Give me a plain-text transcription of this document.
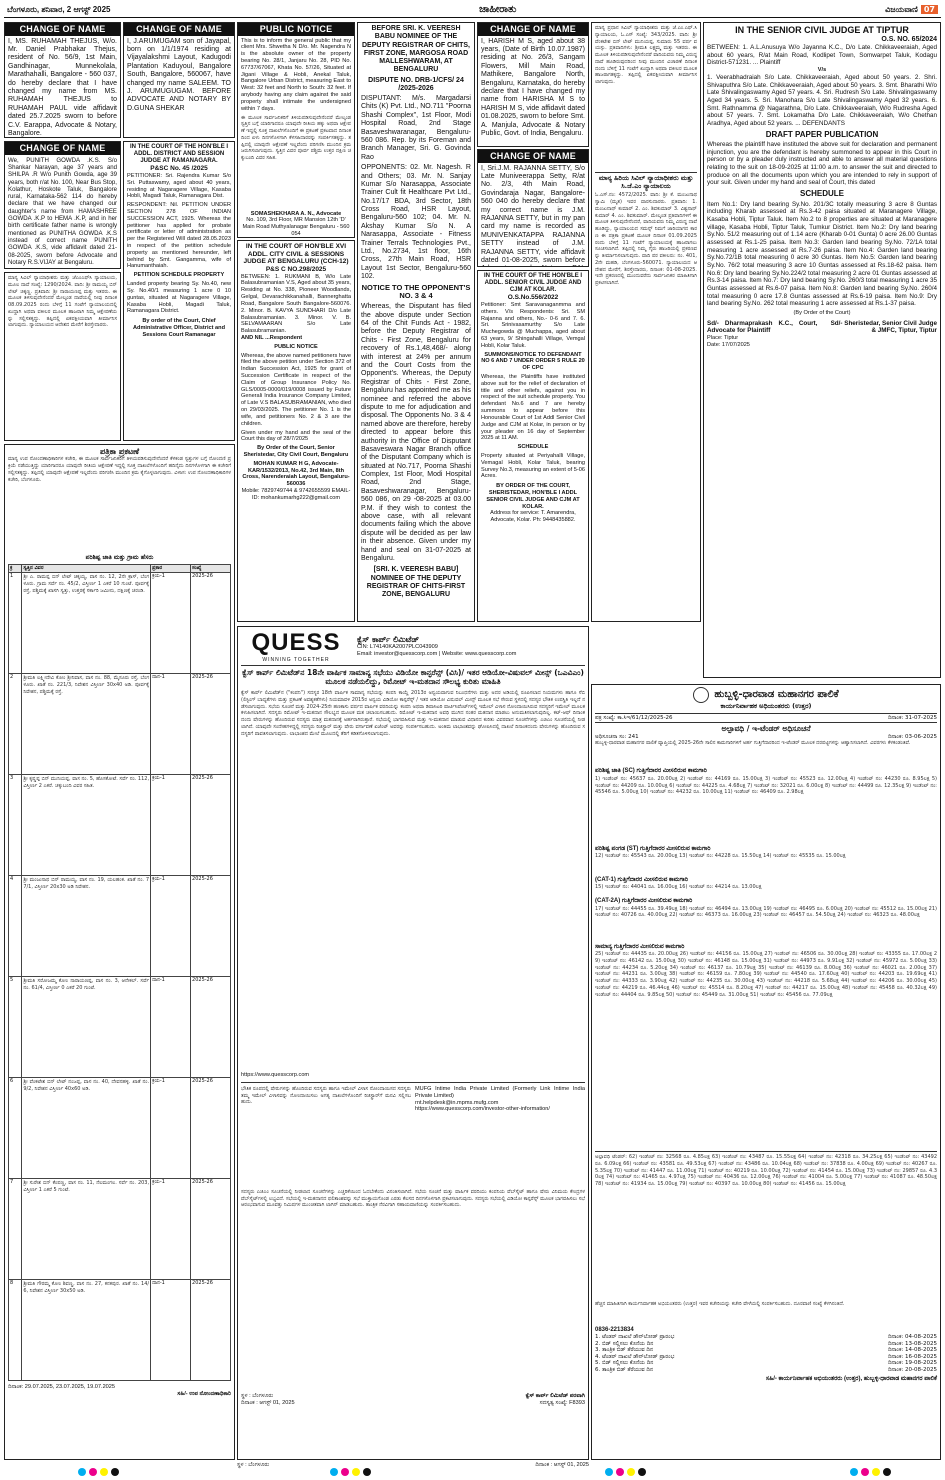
ಬೆಂಗಳೂರು, ಶನಿವಾರ, 2 ಆಗಸ್ಟ್ 2025	ಜಾಹೀರಾತು	ವಿಜಯವಾಣಿ 07
CHANGE OF NAME
I, MS. RUHAMAH THEJUS, W/o. Mr. Daniel Prabhakar Thejus, resident of No. 56/9, 1st Main, Gandhinagar, Munnekolala, Marathahalli, Bangalore - 560 037, do hereby declare that I have changed my name from MS. RUHAMAH THEJUS to RUHAMAH PAUL vide affidavit dated 25.7.2025 sworn to before C.V. Earappa, Advocate & Notary, Bangalore.
CHANGE OF NAME
I, J.ARUMUGAM son of Jayapal, born on 1/1/1974 residing at Vijayalakshmi Layout, Kadugodi Plantation Kaduyoul, Bangalore South, Bangalore, 560067, have changed my name SALEEM. TO J. ARUMUGUGAM. BEFORE ADVOCATE AND NOTARY BY D.GUNA SHEKAR
PUBLIC NOTICE
This is to inform the general public that my client Mrs. Shwetha N D/o. Mr. Nagendra N is the absolute owner of the property bearing No. 28/1, Janjaru No. 28, PID No. 67737/67067, Khata No. 57/26, Situated at Jigani Village & Hobli, Anekal Taluk, Bangalore Urban District, measuring East to West: 32 feet and North to South: 32 feet. If anybody having any claim against the said property shall intimate the undersigned within 7 days.
ಈ ಮೂಲಕ ಸಾರ್ವಜನಿಕರಿಗೆ ತಿಳಿಯಪಡಿಸುವುದೇನೆಂದರೆ ಮೇಲ್ಕಂಡ ಸ್ವತ್ತಿನ ಬಗ್ಗೆ ಯಾರಿಗಾದರೂ ಯಾವುದೇ ರೀತಿಯ ಹಕ್ಕು ಅಥವಾ ಆಕ್ಷೇಪಣೆ ಇದ್ದಲ್ಲಿ ಸೂಕ್ತ ದಾಖಲೆಗಳೊಂದಿಗೆ ಈ ಪ್ರಕಟಣೆ ಪ್ರಕಟವಾದ ದಿನಾಂಕದಿಂದ ಏಳು ದಿನಗಳೊಳಗಾಗಿ ಕೆಳಸಹಿದಾರರನ್ನು ಸಂಪರ್ಕಿಸತಕ್ಕದ್ದು. ತಪ್ಪಿದಲ್ಲಿ ಯಾವುದೇ ಆಕ್ಷೇಪಣೆ ಇಲ್ಲವೆಂದು ಪರಿಗಣಿಸಿ ಮುಂದಿನ ಕ್ರಮ ಜರುಗಿಸಲಾಗುವುದು. ಸ್ವತ್ತಿನ ವಿವರ ಪೂರ್ವ ಪಶ್ಚಿಮ ಉತ್ತರ ದಕ್ಷಿಣ ಚಕ್ಕುಬಂದಿ ವಿವರ ಸಹಿತ.
SOMASHEKHARA A. N., Advocate
No. 109, 3rd Floor, MR Mansion 12th 'D' Main Road Muthyalanagar Bengaluru - 560 054
BEFORE SRI. K. VEERESH BABU NOMINEE OF THE DEPUTY REGISTRAR OF CHITS, FIRST ZONE, MARGOSA ROAD MALLESHWARAM, AT BENGALURU
DISPUTE NO. DRB-1/CFS/ 24 /2025-2026
DISPUTANT: M/s. Margadarsi Chits (K) Pvt. Ltd., NO.711 "Poorna Shashi Complex", 1st Floor, Modi Hospital Road, 2nd Stage Basaveshwaranagar, Bengaluru-560 086. Rep. by its Foreman and Branch Manager, Sri. G. Govinda Rao
OPPONENTS: 02. Mr. Nagesh. R and Others; 03. Mr. N. Sanjay Kumar S/o Narasappa, Associate Trainer Cult fit Healthcare Pvt Ltd., No.17/17 BDA, 3rd Sector, 18th Cross Road, HSR Layout, Bengaluru-560 102; 04. Mr. N. Akshay Kumar S/o N. A Narasappa, Associate - Fitness Trainer Terrals Technologies Pvt., Ltd., No.2734, 1st floor, 16th Cross, 27th Main Road, HSR Layout 1st Sector, Bengaluru-560 102.
NOTICE TO THE OPPONENT'S NO. 3 & 4
Whereas, the Disputant has filed the above dispute under Section 64 of the Chit Funds Act - 1982, before the Deputy Registrar of Chits - First Zone, Bengaluru for recovery of Rs.1,48,468/- along with interest at 24% per annum and the Court Costs from the Opponent's. Whereas, the Deputy Registrar of Chits - First Zone, Bengaluru has appointed me as his nominee and referred the above dispute to me for adjudication and disposal. The Opponents No. 3 & 4 named above are therefore, hereby directed to appear before this authority in the Office of Disputant Basaveswara Nagar Branch office of the Disputant Company which is situated at No.717, Poorna Shashi Complex, 1st Floor, Modi Hospital Road, 2nd Stage, Basaveshwaranagar, Bengaluru-560 086, on 29 -08-2025 at 03.00 P.M. if they wish to contest the above case, with all relevant documents failing which the above dispute will be decided as per law in their absence. Given under my hand and seal on 31-07-2025 at Bengaluru.
[SRI. K. VEERESH BABU] NOMINEE OF THE DEPUTY REGISTRAR OF CHITS-FIRST ZONE, BENGALURU
CHANGE OF NAME
I, HARISH M S, aged about 38 years, (Date of Birth 10.07.1987) residing at No. 26/3, Sangam Flowers, Mill Main Road, Mathikere, Bangalore North, Bengaluru, Karnataka, do hereby declare that I have changed my name from HARISHA M S to HARISH M S, vide affidavit dated 01.08.2025, sworn to before Smt. A. Manjula, Advocate & Notary Public, Govt. of India, Bengaluru.
CHANGE OF NAME
I, Sri.J.M. RAJANNA SETTY, S/o Late Muniveerappa Setty, R/at No. 2/3, 4th Main Road, Govindaraja Nagar, Bangalore-560 040 do hereby declare that my correct name is J.M. RAJANNA SETTY, but in my pan card my name is recorded as MUNIVENKATAPPA RAJANNA SETTY instead of J.M. RAJANNA SETTY, vide affidavit dated 01-08-2025, sworn before
IN THE COURT OF THE HON'BLE I ADDL. SENIOR CIVIL JUDGE AND CJM AT KOLAR.
O.S.No.556/2022
Petitioner: Smt Saravanaganmma and others. V/s Respondents: Sri. SM Rajanna and others, No.- 0-6 and 7. 6. Sri. Srinivasamurthy S/o Late Muchegowda @ Muchappa, aged about 63 years, 9/ Shingahalli Village, Vemgal Hobli, Kolar Taluk.
SUMMONS/NOTICE TO DEFENDANT NO 6 AND 7 UNDER ORDER 5 RULE 20 OF CPC
Whereas, the Plaintiffs have instituted above suit for the relief of declaration of title and other reliefs, against you in respect of the suit schedule property. You defendant No.6 and 7 are hereby summons to appear before this Honourable Court of 1st Addl Senior Civil Judge and CJM at Kolar, in person or by your pleader on 16 day of September 2025 at 11 AM.
SCHEDULE
Property situated at Periyahalli Village, Vemagal Hobli, Kolar Taluk, bearing Survey No.3, measuring an extent of 5-06 Acres.
BY ORDER OF THE COURT, SHERISTEDAR, HON'BLE I ADDL SENIOR CIVIL JUDGE AND CJM AT KOLAR.
Address for service: T. Amarendra, Advocate, Kolar. Ph: 9448435882.
ಮಾನ್ಯ ಪ್ರಧಾನ ಸಿವಿಲ್ ನ್ಯಾಯಾಧೀಶರು ಮತ್ತು ಜೆ.ಎಂ.ಎಫ್.ಸಿ ನ್ಯಾಯಾಲಯ, ಓ.ಎಸ್ ಸಂಖ್ಯೆ: 343/2025. ವಾದಿ: ಶ್ರೀ ವೆಂಕಟೇಶ ಬಿನ್ ಲೇಟ್ ಮುನಿಯಪ್ಪ, ಸುಮಾರು 55 ವರ್ಷ ವಯಸ್ಸು. ಪ್ರತಿವಾದಿಗಳು: ಶ್ರೀಮತಿ ಲಕ್ಷ್ಮಮ್ಮ ಮತ್ತು ಇತರರು. ಈ ಮೂಲಕ ತಿಳಿಯಪಡಿಸುವುದೇನೆಂದರೆ ವಾದಿಯವರು ನಿಮ್ಮ ವಿರುದ್ಧ ದಾವೆ ಹೂಡಿರುವುದರಿಂದ ನೀವು ಮುಂದಿನ ವಿಚಾರಣೆ ದಿನಾಂಕದಂದು ಬೆಳಿಗ್ಗೆ 11 ಗಂಟೆಗೆ ಖುದ್ದಾಗಿ ಅಥವಾ ವಕೀಲರ ಮೂಲಕ ಹಾಜರಾಗತಕ್ಕದ್ದು. ತಪ್ಪಿದಲ್ಲಿ ಏಕಪಕ್ಷೀಯವಾಗಿ ತೀರ್ಮಾನಿಸಲಾಗುವುದು.
ಮಾನ್ಯ ಹಿರಿಯ ಸಿವಿಲ್ ನ್ಯಾಯಾಧೀಶರು ಮತ್ತು ಸಿ.ಜೆ.ಎಂ ನ್ಯಾಯಾಲಯ
ಓ.ಎಸ್.ನಂ: 4572/2025. ವಾದಿ: ಶ್ರೀ ಕೆ. ಮಂಜುನಾಥ ಸ್ವಾಮಿ (ಮೃತ) ಇವರ ವಾರಸುದಾರರು. ಪ್ರತಿವಾದಿ: 1. ಮಂಜುನಾಥ್ ಕುಮಾರ್ 2. ಎಂ. ಶಿವಕುಮಾರ್ 3. ವಿಶ್ವನಾಥ್ ಕುಮಾರ್ 4. ಎಂ. ಶಿವಕುಮಾರ್. ಮೇಲ್ಕಂಡ ಪ್ರತಿವಾದಿಗಳಿಗೆ ಈ ಮೂಲಕ ತಿಳಿಸುವುದೇನೆಂದರೆ, ವಾದಿಯವರು ನಿಮ್ಮ ವಿರುದ್ಧ ದಾವೆ ಹೂಡಿದ್ದು, ನ್ಯಾಯಾಲಯದ ಸಮನ್ಸ್ ನಿಮಗೆ ಜಾರಿಯಾಗದ ಕಾರಣ ಈ ಪತ್ರಿಕಾ ಪ್ರಕಟಣೆ ಮೂಲಕ ದಿನಾಂಕ 01.09.2025 ರಂದು ಬೆಳಿಗ್ಗೆ 11 ಗಂಟೆಗೆ ನ್ಯಾಯಾಲಯಕ್ಕೆ ಹಾಜರಾಗಲು ಸೂಚಿಸಲಾಗಿದೆ. ತಪ್ಪಿದಲ್ಲಿ ನಿಮ್ಮ ಗೈರು ಹಾಜರಿಯಲ್ಲಿ ಪ್ರಕರಣವನ್ನು ತೀರ್ಮಾನಿಸಲಾಗುವುದು. ವಾದಿ ಪರ ವಕೀಲರು: ನಂ. 401, 2ನೇ ಮಹಡಿ, ಬೆಂಗಳೂರು-560071. ನ್ಯಾಯಾಲಯದ ಆದೇಶದ ಮೇರೆಗೆ, ಶಿರಸ್ತೇದಾರರು, ದಿನಾಂಕ: 01-08-2025. ಇದೇ ಪ್ರಕರಣದಲ್ಲಿ ಮುಂದುವರೆದು ಸಾರ್ವಜನಿಕರ ಮಾಹಿತಿಗಾಗಿ ಪ್ರಕಟಿಸಲಾಗಿದೆ.
IN THE SENIOR CIVIL JUDGE AT TIPTUR
O.S. NO. 65/2024
BETWEEN: 1. A.L.Anusuya W/o Jayanna K.C., D/o Late. Chikkaveeraiah, Aged about 60 years, R/at Main Road, Kodlipet Town, Somwarpet Taluk, Kodagu District-571231. ... Plaintiff
V/s
1. Veerabhadraiah S/o Late. Chikkaveeraiah, Aged about 50 years. 2. Shri. Shivaputhra S/o Late. Chikkaveeraiah, Aged about 50 years. 3. Smt. Bharathi W/o Late Shivalingaswamy Aged 57 years. 4. Sri. Rudresh S/o Late. Shivalingaswamy Aged 34 years. 5. Sri. Manohara S/o Late Shivalingaswamy Aged 32 years. 6. Smt. Rathnamma @ Nagarathna, D/o Late. Chikkaveeraiah, W/o Rudresha Aged about 57 years. 7. Smt. Lokamatha D/o Late. Chikkaveeraiah, W/o Chethan Aradhya, Aged about 52 years. ... DEFENDANTS
DRAFT PAPER PUBLICATION
Whereas the plaintiff have instituted the above suit for declaration and permanent injunction, you are the defendant is hereby summoned to appear in this Court in person or by a pleader duly instructed and able to answer all material questions relating to the suit on 18-09-2025 at 11:00 a.m. to answer the suit and directed to produce on all the documents upon which you are intended to rely in support of your suit. Given under my hand and seal of Court, this dated
SCHEDULE
Item No.1: Dry land bearing Sy.No. 201/3C totally measuring 3 acre 8 Guntas including Kharab assessed at Rs.3-42 paisa situated at Maranagere Village, Kasaba Hobli, Tiptur Taluk. Item No.2 to 8 properties are situated at Maranagere village, Kasaba Hobli, Tiptur Taluk, Tumkur District. Item No.2: Dry land bearing Sy.No. 51/2 measuring out of 1.14 acre (Kharab 0-01 Gunta) 0 acre 26.00 Guntas assessed at Rs.1-25 paisa. Item No.3: Garden land bearing Sy.No. 72/1A total measuring 1 acre assessed at Rs.7-26 paisa. Item No.4: Garden land bearing Sy.No.72/1B total measuring 0 acre 30 Guntas. Item No.5: Garden land bearing Sy.No. 76/2 total measuring 3 acre 10 Guntas assessed at Rs.18-62 paisa. Item No.6: Dry land bearing Sy.No.224/2 total measuring 2 acre 01 Guntas assessed at Rs.3-14 paisa. Item No.7: Dry land bearing Sy.No. 260/3 total measuring 1 acre 35 Guntas assessed at Rs.6-07 paisa. Item No.8: Garden land bearing Sy.No. 260/4 total measuring 0 acre 17.8 Guntas assessed at Rs.6-19 paisa. Item No.9: Dry land bearing Sy.No. 262 total measuring 1 acre assessed at Rs.1-37 paisa.
(By Order of the Court)
Sd/- Dharmaprakash K.C., Court, Advocate for Plaintiff
Sd/- Sheristedar, Senior Civil Judge & JMFC, Tiptur, Tiptur
Place: Tiptur
Date: 17/07/2025
CHANGE OF NAME
We, PUNITH GOWDA .K.S. S/o Shankar Narayan, age 37 years and SHILPA .R W/o Punith Gowda, age 39 years, both r/at No. 100, Near Bus Stop, Kolathur, Hoskote Taluk, Bangalore rural, Karnataka-562 114 do hereby declare that we have changed our daughter's name from HAMASHREE GOWDA .K.P to HEMA .K.P, and in her birth certificate father name is wrongly mentioned as PUNITHA GOWDA .K.S instead of correct name PUNITH GOWDA .K.S, vide affidavit dated 21-08-2025, sworn before Advocate and Notary R.S.VIJAY at Bengaluru.
IN THE COURT OF THE HON'BLE I ADDL. DISTRICT AND SESSION JUDGE AT RAMANAGARA.
P&SC No. 45 /2025
PETITIONER: Sri. Rajendra Kumar S/o Sri. Puttaswamy, aged about 40 years, residing at Nagaragere Village, Kasaba Hobli, Magadi Taluk, Ramanagara Dist.
RESPONDENT: Nil. PETITION UNDER SECTION 278 OF INDIAN SUCCESSION ACT, 1925. Whereas the petitioner has applied for probate certificate or letter of administration as per the Registered Will dated 28.05.2023 in respect of the petition schedule property as mentioned hereunder, left behind by Smt. Gangamma, wife of Hanumanthaiah.
PETITION SCHEDULE PROPERTY
Landed property bearing Sy. No.40, new Sy. No.40/1 measuring 1 acre 0 10 guntas, situated at Nagaragere Village, Kasaba Hobli, Magadi Taluk, Ramanagara District.
By order of the Court, Chief Administrative Officer, District and Sessions Court Ramanagar
ಮಾನ್ಯ ಸಿವಿಲ್ ನ್ಯಾಯಾಧೀಶರು ಮತ್ತು ಜೆಎಂಎಫ್‌ಸಿ ನ್ಯಾಯಾಲಯ, ಮೂಲ ದಾವೆ ಸಂಖ್ಯೆ: 1290/2024. ವಾದಿ: ಶ್ರೀ ರಾಮಯ್ಯ ಬಿನ್ ಲೇಟ್ ಚಿಕ್ಕಣ್ಣ. ಪ್ರತಿವಾದಿ: ಶ್ರೀ ನಾರಾಯಣಪ್ಪ ಮತ್ತು ಇತರರು. ಈ ಮೂಲಕ ತಿಳಿಸುವುದೇನೆಂದರೆ ಮೇಲ್ಕಂಡ ದಾವೆಯಲ್ಲಿ ನೀವು ದಿನಾಂಕ 08.09.2025 ರಂದು ಬೆಳಿಗ್ಗೆ 11 ಗಂಟೆಗೆ ನ್ಯಾಯಾಲಯದಲ್ಲಿ ಖುದ್ದಾಗಿ ಅಥವಾ ವಕೀಲರ ಮೂಲಕ ಹಾಜರಾಗಿ ನಿಮ್ಮ ಆಕ್ಷೇಪಣೆಯನ್ನು ಸಲ್ಲಿಸತಕ್ಕದ್ದು. ತಪ್ಪಿದಲ್ಲಿ ಏಕಪಕ್ಷೀಯವಾಗಿ ತೀರ್ಮಾನಿಸಲಾಗುವುದು. ನ್ಯಾಯಾಲಯದ ಆದೇಶದ ಮೇರೆಗೆ ಶಿರಸ್ತೇದಾರರು.
IN THE COURT OF HON'BLE XVI ADDL. CITY CIVIL & SESSIONS JUDGE AT BENGALURU (CCH-12)
P&S C NO.298/2025
BETWEEN: 1. RUKMANI B, W/o Late Balasubramanian V.S, Aged about 35 years, Residing at No. 338, Pioneer Woodlands, Gelgal, Devarachikkanahalli, Bannerghatta Road, Bangalore South Bangalore-560076. 2. Minor. B. KAVYA SUNDHARI D/o Late Balasubramanian. 3. Minor. V. B. SELVAMAARAN S/o Late Balasubramanian.
AND NIL ...Respondent
PUBLIC NOTICE
Whereas, the above named petitioners have filed the above petition under Section 372 of Indian Succession Act, 1925 for grant of Succession Certificate in respect of the Claim of Group Insurance Policy No. GLS/0005-0000/019/0008 issued by Future Generali India Insurance Company Limited, of Late V.S BALASUBRAMANIAN, who died on 29/03/2025. The petitioner No. 1 is the wife, and petitioners No. 2 & 3 are the children.
Given under my hand and the seal of the Court this day of 28/7/2025
By Order of the Court, Senior Sheristedar, City Civil Court, Bengaluru
MOHAN KUMAR H G, Advocate-KAR/1532/2013, No.42, 3rd Main, 8th Cross, Narenderaiah Layout, Bengaluru-560036
Mobile: 7829749744 & 9742655599 EMAIL-ID: mohankumarhg222@gmail.com
ಪತ್ರಿಕಾ ಪ್ರಕಟಣೆ
ಮಾನ್ಯ ಉಪ ನೋಂದಣಾಧಿಕಾರಿಗಳ ಕಚೇರಿ, ಈ ಮೂಲಕ ಸಾರ್ವಜನಿಕರಿಗೆ ತಿಳಿಯಪಡಿಸುವುದೇನೆಂದರೆ ಕೆಳಕಂಡ ಸ್ವತ್ತುಗಳ ಬಗ್ಗೆ ನೋಂದಣಿ ಪ್ರಕ್ರಿಯೆ ನಡೆಯುತ್ತಿದ್ದು ಯಾರಿಗಾದರೂ ಯಾವುದೇ ರೀತಿಯ ಆಕ್ಷೇಪಣೆ ಇದ್ದಲ್ಲಿ ಸೂಕ್ತ ದಾಖಲೆಗಳೊಂದಿಗೆ ಹದಿನೈದು ದಿನಗಳೊಳಗಾಗಿ ಈ ಕಚೇರಿಗೆ ಸಲ್ಲಿಸತಕ್ಕದ್ದು. ತಪ್ಪಿದಲ್ಲಿ ಯಾವುದೇ ಆಕ್ಷೇಪಣೆ ಇಲ್ಲವೆಂದು ಪರಿಗಣಿಸಿ ಮುಂದಿನ ಕ್ರಮ ಕೈಗೊಳ್ಳಲಾಗುವುದು. ವಿಳಾಸ: ಉಪ ನೋಂದಣಾಧಿಕಾರಿಗಳ ಕಚೇರಿ, ಬೆಂಗಳೂರು.
ಪರಿಶಿಷ್ಟ ಜಾತಿ ಮತ್ತು ಗ್ರಾಮ ಹೆಸರು
ಕ್ರ	ಸ್ವತ್ತಿನ ವಿವರ	ಪ್ರಕಾರ	ಸಂಖ್ಯೆ
1	ಶ್ರೀ ಎ. ರಾಮಪ್ಪ ಬಿನ್ ಲೇಟ್ ಚಿಕ್ಕಯ್ಯ, ವಾಸ ನಂ. 12, 2ನೇ ಕ್ರಾಸ್, ಬೆಂಗಳೂರು. ಗ್ರಾಮ ಸರ್ವೆ ನಂ. 45/2, ವಿಸ್ತೀರ್ಣ 1 ಎಕರೆ 10 ಗುಂಟೆ. ಪೂರ್ವಕ್ಕೆ ರಸ್ತೆ, ಪಶ್ಚಿಮಕ್ಕೆ ಖಾಸಗಿ ಸ್ವತ್ತು, ಉತ್ತರಕ್ಕೆ ಸರ್ಕಾರಿ ಜಮೀನು, ದಕ್ಷಿಣಕ್ಕೆ ಚರಂಡಿ.	ಕ್ರಯ-1	2025-26
2	ಶ್ರೀಮತಿ ಲಕ್ಷ್ಮೀದೇವಿ ಕೋಂ ಶ್ರೀನಿವಾಸ, ವಾಸ ನಂ. 88, ಮೈಸೂರು ರಸ್ತೆ, ಬೆಂಗಳೂರು. ಖಾತೆ ನಂ. 221/3, ನಿವೇಶನ ವಿಸ್ತೀರ್ಣ 30x40 ಅಡಿ. ಪೂರ್ವಕ್ಕೆ ನಿವೇಶನ, ಪಶ್ಚಿಮಕ್ಕೆ ರಸ್ತೆ.	ದಾನ-1	2025-26
3	ಶ್ರೀ ಕೃಷ್ಣಪ್ಪ ಬಿನ್ ಮುನಿಯಪ್ಪ, ವಾಸ ನಂ. 5, ಹೊಸಕೋಟೆ. ಸರ್ವೆ ನಂ. 112, ವಿಸ್ತೀರ್ಣ 2 ಎಕರೆ. ಚಕ್ಕುಬಂದಿ ವಿವರ ಸಹಿತ.	ಕ್ರಯ-1	2025-26
4	ಶ್ರೀ ಮಂಜುನಾಥ ಬಿನ್ ರಾಮಯ್ಯ, ವಾಸ ನಂ. 19, ಯಲಹಂಕ. ಖಾತೆ ನಂ. 77/1, ವಿಸ್ತೀರ್ಣ 20x30 ಅಡಿ ನಿವೇಶನ.	ಕ್ರಯ-1	2025-26
5	ಶ್ರೀಮತಿ ಸರೋಜಮ್ಮ ಕೋಂ ನಾರಾಯಣಪ್ಪ, ವಾಸ ನಂ. 3, ಆನೇಕಲ್. ಸರ್ವೆ ನಂ. 61/4, ವಿಸ್ತೀರ್ಣ 0 ಎಕರೆ 20 ಗುಂಟೆ.	ದಾನ-1	2025-26
6	ಶ್ರೀ ವೆಂಕಟೇಶ ಬಿನ್ ಲೇಟ್ ನಂಜಪ್ಪ, ವಾಸ ನಂ. 40, ದೇವನಹಳ್ಳಿ. ಖಾತೆ ನಂ. 9/2, ನಿವೇಶನ ವಿಸ್ತೀರ್ಣ 40x60 ಅಡಿ.	ಕ್ರಯ-1	2025-26
7	ಶ್ರೀ ಸುರೇಶ ಬಿನ್ ಕೆಂಪಣ್ಣ, ವಾಸ ನಂ. 11, ನೆಲಮಂಗಲ. ಸರ್ವೆ ನಂ. 203, ವಿಸ್ತೀರ್ಣ 1 ಎಕರೆ 5 ಗುಂಟೆ.	ಕ್ರಯ-1	2025-26
8	ಶ್ರೀಮತಿ ಗೌರಮ್ಮ ಕೋಂ ಶಿವಣ್ಣ, ವಾಸ ನಂ. 27, ಕನಕಪುರ. ಖಾತೆ ನಂ. 14/6, ನಿವೇಶನ ವಿಸ್ತೀರ್ಣ 30x50 ಅಡಿ.	ದಾನ-1	2025-26
ದಿನಾಂಕ: 29.07.2025, 23.07.2025, 19.07.2025
ಸಹಿ/- ಉಪ ನೋಂದಣಾಧಿಕಾರಿ
QUESS
WINNING TOGETHER
ಕ್ವೆಸ್ ಕಾರ್ಪ್ ಲಿಮಿಟೆಡ್
CIN: L74140KA2007PLC043909
Email: investor@quesscorp.com | Website: www.quesscorp.com
ಕ್ವೆಸ್ ಕಾರ್ಪ್ ಲಿಮಿಟೆಡ್‌ನ 18ನೇ ವಾರ್ಷಿಕ ಸಾಮಾನ್ಯ ಸಭೆಯು ವಿಡಿಯೋ ಕಾನ್ಫರೆನ್ಸ್ (ವಿಸಿ)/ ಇತರ ಆಡಿಯೋ-ವಿಷುವಲ್ ಮೀನ್ಸ್ (ಒಎವಿಎಂ) ಮೂಲಕ ನಡೆಯಲಿದ್ದು, ರಿಮೋಟ್ ಇ-ಮತದಾನ ಸೌಲಭ್ಯ ಕುರಿತು ಮಾಹಿತಿ
ಕ್ವೆಸ್ ಕಾರ್ಪ್ ಲಿಮಿಟೆಡ್‌ನ ("ಕಂಪನಿ") ಸದಸ್ಯರ 18ನೇ ವಾರ್ಷಿಕ ಸಾಮಾನ್ಯ ಸಭೆಯನ್ನು ಕಂಪನಿ ಕಾಯ್ದೆ 2013ರ ಅನ್ವಯವಾಗುವ ನಿಬಂಧನೆಗಳು ಮತ್ತು ಅದರ ಅಡಿಯಲ್ಲಿ ರೂಪಿಸಲಾದ ನಿಯಮಗಳು ಹಾಗೂ ಸೆಬಿ (ಲಿಸ್ಟಿಂಗ್ ಬಾಧ್ಯತೆಗಳು ಮತ್ತು ಪ್ರಕಟಣೆ ಅವಶ್ಯಕತೆಗಳು) ನಿಯಮಾವಳಿ 2015ರ ಅನ್ವಯ ವಿಡಿಯೋ ಕಾನ್ಫರೆನ್ಸ್ / ಇತರ ಆಡಿಯೋ ವಿಷುವಲ್ ಮೀನ್ಸ್ ಮೂಲಕ ಸಭೆ ಸೇರುವ ಸ್ಥಳದಲ್ಲಿ ಸದಸ್ಯರ ಭೌತಿಕ ಉಪಸ್ಥಿತಿ ಇಲ್ಲದೆ ನಡೆಸಲಾಗುವುದು. ಸಭೆಯ ಸೂಚನೆ ಮತ್ತು 2024-25ನೇ ಹಣಕಾಸು ವರ್ಷದ ವಾರ್ಷಿಕ ವರದಿಯನ್ನು ಕಂಪನಿ ಅಥವಾ ಡಿಪಾಸಿಟರಿ ಪಾರ್ಟಿಸಿಪೆಂಟ್‌ಗಳಲ್ಲಿ ಇಮೇಲ್ ವಿಳಾಸ ನೋಂದಾಯಿಸಿರುವ ಸದಸ್ಯರಿಗೆ ಇಮೇಲ್ ಮೂಲಕ ಕಳುಹಿಸಲಾಗಿದೆ. ಸದಸ್ಯರು ರಿಮೋಟ್ ಇ-ಮತದಾನ ಸೌಲಭ್ಯದ ಮೂಲಕ ಮತ ಚಲಾಯಿಸಬಹುದು. ರಿಮೋಟ್ ಇ-ಮತದಾನ ಅವಧಿ ಮುಗಿದ ನಂತರ ಮತದಾನ ಮಾಡಲು ಅನುಮತಿಸಲಾಗುವುದಿಲ್ಲ. ಕಟ್-ಆಫ್ ದಿನಾಂಕದಂದು ಷೇರುಗಳನ್ನು ಹೊಂದಿರುವ ಸದಸ್ಯರು ಮಾತ್ರ ಮತದಾನಕ್ಕೆ ಅರ್ಹರಾಗಿರುತ್ತಾರೆ. ಸಭೆಯಲ್ಲಿ ಭಾಗವಹಿಸುವ ಮತ್ತು ಇ-ಮತದಾನ ಮಾಡುವ ವಿಧಾನದ ಕುರಿತು ವಿವರವಾದ ಸೂಚನೆಗಳನ್ನು ಎಜಿಎಂ ಸೂಚನೆಯಲ್ಲಿ ನೀಡಲಾಗಿದೆ. ಯಾವುದೇ ಸಂದೇಹಗಳಿದ್ದಲ್ಲಿ ಸದಸ್ಯರು ರಿಜಿಸ್ಟ್ರಾರ್ ಮತ್ತು ಷೇರು ವರ್ಗಾವಣೆ ಏಜೆಂಟ್ ಅವರನ್ನು ಸಂಪರ್ಕಿಸಬಹುದು. ಅಂತಿಮ ಲಾಭಾಂಶವನ್ನು ಘೋಷಿಸಿದಲ್ಲಿ ದಾಖಲೆ ದಿನಾಂಕದಂದು ಷೇರುಗಳನ್ನು ಹೊಂದಿರುವ ಸದಸ್ಯರಿಗೆ ಪಾವತಿಸಲಾಗುವುದು. ಲಾಭಾಂಶದ ಮೇಲೆ ಮೂಲದಲ್ಲಿ ತೆರಿಗೆ ಕಡಿತಗೊಳಿಸಲಾಗುವುದು.
https://www.quesscorp.com
ಭೌತಿಕ ರೂಪದಲ್ಲಿ ಷೇರುಗಳನ್ನು ಹೊಂದಿರುವ ಸದಸ್ಯರು ಹಾಗೂ ಇಮೇಲ್ ವಿಳಾಸ ನೋಂದಾಯಿಸದ ಸದಸ್ಯರು ತಮ್ಮ ಇಮೇಲ್ ವಿಳಾಸವನ್ನು ನೋಂದಾಯಿಸಲು ಅಗತ್ಯ ದಾಖಲೆಗಳೊಂದಿಗೆ ರಿಜಿಸ್ಟ್ರಾರ್‌ಗೆ ಮನವಿ ಸಲ್ಲಿಸಬಹುದು.
MUFG Intime India Private Limited (Formerly Link Intime India Private Limited)
rnt.helpdesk@in.mpms.mufg.com
https://www.quesscorp.com/investor-other-information/
ಸದಸ್ಯರು ಎಜಿಎಂ ಸೂಚನೆಯಲ್ಲಿ ನೀಡಲಾದ ಸೂಚನೆಗಳನ್ನು ಎಚ್ಚರಿಕೆಯಿಂದ ಓದಬೇಕೆಂದು ವಿನಂತಿಸಲಾಗಿದೆ. ಸಭೆಯ ಸೂಚನೆ ಮತ್ತು ವಾರ್ಷಿಕ ವರದಿಯು ಕಂಪನಿಯ ವೆಬ್‌ಸೈಟ್ ಹಾಗೂ ಷೇರು ವಿನಿಮಯ ಕೇಂದ್ರಗಳ ವೆಬ್‌ಸೈಟ್‌ಗಳಲ್ಲಿ ಲಭ್ಯವಿದೆ. ಸಭೆಯಲ್ಲಿ ಇ-ಮತದಾನದ ಫಲಿತಾಂಶವನ್ನು ಸಭೆ ಮುಕ್ತಾಯಗೊಂಡ ಎರಡು ಕೆಲಸದ ದಿನಗಳೊಳಗಾಗಿ ಪ್ರಕಟಿಸಲಾಗುವುದು. ಸದಸ್ಯರು ಸಭೆಯಲ್ಲಿ ವಿಡಿಯೋ ಕಾನ್ಫರೆನ್ಸ್ ಮೂಲಕ ಭಾಗವಹಿಸಲು ಸಭೆ ಆರಂಭವಾಗುವ ಮೂವತ್ತು ನಿಮಿಷಗಳ ಮುಂಚಿತವಾಗಿ ಲಾಗಿನ್ ಮಾಡಬಹುದು. ತಾಂತ್ರಿಕ ನೆರವಿಗಾಗಿ ಸಹಾಯವಾಣಿಯನ್ನು ಸಂಪರ್ಕಿಸಬಹುದು.
ಸ್ಥಳ : ಬೆಂಗಳೂರು
ದಿನಾಂಕ : ಆಗಸ್ಟ್ 01, 2025
ಕ್ವೆಸ್ ಕಾರ್ಪ್ ಲಿಮಿಟೆಡ್ ಪರವಾಗಿ
ಸದಸ್ಯತ್ವ ಸಂಖ್ಯೆ: F8393
ಹುಬ್ಬಳ್ಳಿ-ಧಾರವಾಡ ಮಹಾನಗರ ಪಾಲಿಕೆ
ಕಾರ್ಯನಿರ್ವಾಹಕ ಅಧಿಯಂತರರು (ಉತ್ತರ)
ಪತ್ರ ಸಂಖ್ಯೆ: ಕಾ.ಸಿಇ/61/12/2025-26	ದಿನಾಂಕ: 31-07-2025
ಅಲ್ಪಾವಧಿ / ಇ-ಟೆಂಡರ್ ಅಧಿಸೂಚನೆ
ಅಧಿಸೂಚನಾ ಸಂ: 241	ದಿನಾಂಕ: 03-06-2025
ಹುಬ್ಬಳ್ಳಿ-ಧಾರವಾಡ ಮಹಾನಗರ ಪಾಲಿಕೆ ವ್ಯಾಪ್ತಿಯಲ್ಲಿ 2025-26ನೇ ಸಾಲಿನ ಕಾಮಗಾರಿಗಳಿಗೆ ಅರ್ಹ ಗುತ್ತಿಗೆದಾರರಿಂದ ಇ-ಟೆಂಡರ್ ಮೂಲಕ ದರಪಟ್ಟಿಗಳನ್ನು ಆಹ್ವಾನಿಸಲಾಗಿದೆ. ವಿವರಗಳು ಕೆಳಕಂಡಂತಿವೆ.
ಪರಿಶಿಷ್ಟ ಜಾತಿ (SC) ಗುತ್ತಿಗೆದಾರರ ಮೀಸಲಿರುವ ಕಾಮಗಾರಿ
1) ಇಂಡೆಂಟ್ ನಂ: 45637 ರೂ. 20.00ಲಕ್ಷ 2) ಇಂಡೆಂಟ್ ನಂ: 44169 ರೂ. 15.00ಲಕ್ಷ 3) ಇಂಡೆಂಟ್ ನಂ: 45523 ರೂ. 12.00ಲಕ್ಷ 4) ಇಂಡೆಂಟ್ ನಂ: 44230 ರೂ. 8.95ಲಕ್ಷ 5) ಇಂಡೆಂಟ್ ನಂ: 44209 ರೂ. 10.00ಲಕ್ಷ 6) ಇಂಡೆಂಟ್ ನಂ: 44225 ರೂ. 4.68ಲಕ್ಷ 7) ಇಂಡೆಂಟ್ ನಂ: 32021 ರೂ. 6.00ಲಕ್ಷ 8) ಇಂಡೆಂಟ್ ನಂ: 44499 ರೂ. 12.35ಲಕ್ಷ 9) ಇಂಡೆಂಟ್ ನಂ: 45546 ರೂ. 5.00ಲಕ್ಷ 10) ಇಂಡೆಂಟ್ ನಂ: 44232 ರೂ. 10.00ಲಕ್ಷ 11) ಇಂಡೆಂಟ್ ನಂ: 46409 ರೂ. 2.98ಲಕ್ಷ
ಪರಿಶಿಷ್ಟ ಪಂಗಡ (ST) ಗುತ್ತಿಗೆದಾರರ ಮೀಸಲಿರುವ ಕಾಮಗಾರಿ
12) ಇಂಡೆಂಟ್ ನಂ: 45543 ರೂ. 20.00ಲಕ್ಷ 13) ಇಂಡೆಂಟ್ ನಂ: 44228 ರೂ. 15.50ಲಕ್ಷ 14) ಇಂಡೆಂಟ್ ನಂ: 45535 ರೂ. 15.00ಲಕ್ಷ
(CAT-1) ಗುತ್ತಿಗೆದಾರರ ಮೀಸಲಿರುವ ಕಾಮಗಾರಿ
15) ಇಂಡೆಂಟ್ ನಂ: 44041 ರೂ. 16.00ಲಕ್ಷ 16) ಇಂಡೆಂಟ್ ನಂ: 44214 ರೂ. 13.00ಲಕ್ಷ
(CAT-2A) ಗುತ್ತಿಗೆದಾರರ ಮೀಸಲಿರುವ ಕಾಮಗಾರಿ
17) ಇಂಡೆಂಟ್ ನಂ: 44455 ರೂ. 39.49ಲಕ್ಷ 18) ಇಂಡೆಂಟ್ ನಂ: 46494 ರೂ. 13.00ಲಕ್ಷ 19) ಇಂಡೆಂಟ್ ನಂ: 46495 ರೂ. 6.00ಲಕ್ಷ 20) ಇಂಡೆಂಟ್ ನಂ: 45512 ರೂ. 15.00ಲಕ್ಷ 21) ಇಂಡೆಂಟ್ ನಂ: 40726 ರೂ. 40.00ಲಕ್ಷ 22) ಇಂಡೆಂಟ್ ನಂ: 46373 ರೂ. 16.00ಲಕ್ಷ 23) ಇಂಡೆಂಟ್ ನಂ: 46457 ರೂ. 54.50ಲಕ್ಷ 24) ಇಂಡೆಂಟ್ ನಂ: 46323 ರೂ. 48.00ಲಕ್ಷ
ಸಾಮಾನ್ಯ ಗುತ್ತಿಗೆದಾರರ ಮೀಸಲಿರುವ ಕಾಮಗಾರಿ
25) ಇಂಡೆಂಟ್ ನಂ: 44435 ರೂ. 20.00ಲಕ್ಷ 26) ಇಂಡೆಂಟ್ ನಂ: 44156 ರೂ. 15.00ಲಕ್ಷ 27) ಇಂಡೆಂಟ್ ನಂ: 46506 ರೂ. 30.00ಲಕ್ಷ 28) ಇಂಡೆಂಟ್ ನಂ: 43355 ರೂ. 17.00ಲಕ್ಷ 29) ಇಂಡೆಂಟ್ ನಂ: 46142 ರೂ. 15.00ಲಕ್ಷ 30) ಇಂಡೆಂಟ್ ನಂ: 46148 ರೂ. 15.00ಲಕ್ಷ 31) ಇಂಡೆಂಟ್ ನಂ: 44973 ರೂ. 9.91ಲಕ್ಷ 32) ಇಂಡೆಂಟ್ ನಂ: 45972 ರೂ. 5.00ಲಕ್ಷ 33) ಇಂಡೆಂಟ್ ನಂ: 44234 ರೂ. 5.20ಲಕ್ಷ 34) ಇಂಡೆಂಟ್ ನಂ: 46137 ರೂ. 10.79ಲಕ್ಷ 35) ಇಂಡೆಂಟ್ ನಂ: 46139 ರೂ. 8.00ಲಕ್ಷ 36) ಇಂಡೆಂಟ್ ನಂ: 46021 ರೂ. 2.00ಲಕ್ಷ 37) ಇಂಡೆಂಟ್ ನಂ: 44231 ರೂ. 3.00ಲಕ್ಷ 38) ಇಂಡೆಂಟ್ ನಂ: 46159 ರೂ. 7.80ಲಕ್ಷ 39) ಇಂಡೆಂಟ್ ನಂ: 44540 ರೂ. 17.60ಲಕ್ಷ 40) ಇಂಡೆಂಟ್ ನಂ: 44203 ರೂ. 19.69ಲಕ್ಷ 41) ಇಂಡೆಂಟ್ ನಂ: 44333 ರೂ. 3.90ಲಕ್ಷ 42) ಇಂಡೆಂಟ್ ನಂ: 44235 ರೂ. 30.00ಲಕ್ಷ 43) ಇಂಡೆಂಟ್ ನಂ: 44218 ರೂ. 5.68ಲಕ್ಷ 44) ಇಂಡೆಂಟ್ ನಂ: 44206 ರೂ. 30.00ಲಕ್ಷ 45) ಇಂಡೆಂಟ್ ನಂ: 44219 ರೂ. 46.44ಲಕ್ಷ 46) ಇಂಡೆಂಟ್ ನಂ: 45514 ರೂ. 8.20ಲಕ್ಷ 47) ಇಂಡೆಂಟ್ ನಂ: 44217 ರೂ. 15.00ಲಕ್ಷ 48) ಇಂಡೆಂಟ್ ನಂ: 45458 ರೂ. 40.32ಲಕ್ಷ 49) ಇಂಡೆಂಟ್ ನಂ: 44404 ರೂ. 9.85ಲಕ್ಷ 50) ಇಂಡೆಂಟ್ ನಂ: 45449 ರೂ. 31.00ಲಕ್ಷ 51) ಇಂಡೆಂಟ್ ನಂ: 45456 ರೂ. 77.09ಲಕ್ಷ
ಅಲ್ಪಾವಧಿ ಟೆಂಡರ್: 62) ಇಂಡೆಂಟ್ ನಂ: 32568 ರೂ. 4.85ಲಕ್ಷ 63) ಇಂಡೆಂಟ್ ನಂ: 43487 ರೂ. 15.55ಲಕ್ಷ 64) ಇಂಡೆಂಟ್ ನಂ: 42318 ರೂ. 34.25ಲಕ್ಷ 65) ಇಂಡೆಂಟ್ ನಂ: 43492 ರೂ. 6.09ಲಕ್ಷ 66) ಇಂಡೆಂಟ್ ನಂ: 43581 ರೂ. 49.53ಲಕ್ಷ 67) ಇಂಡೆಂಟ್ ನಂ: 43486 ರೂ. 10.04ಲಕ್ಷ 68) ಇಂಡೆಂಟ್ ನಂ: 37838 ರೂ. 4.00ಲಕ್ಷ 69) ಇಂಡೆಂಟ್ ನಂ: 40267 ರೂ. 5.35ಲಕ್ಷ 70) ಇಂಡೆಂಟ್ ನಂ: 41447 ರೂ. 11.00ಲಕ್ಷ 71) ಇಂಡೆಂಟ್ ನಂ: 40219 ರೂ. 10.00ಲಕ್ಷ 72) ಇಂಡೆಂಟ್ ನಂ: 41454 ರೂ. 15.00ಲಕ್ಷ 73) ಇಂಡೆಂಟ್ ನಂ: 29857 ರೂ. 4.30ಲಕ್ಷ 74) ಇಂಡೆಂಟ್ ನಂ: 41465 ರೂ. 4.97ಲಕ್ಷ 75) ಇಂಡೆಂಟ್ ನಂ: 40436 ರೂ. 12.00ಲಕ್ಷ 76) ಇಂಡೆಂಟ್ ನಂ: 41004 ರೂ. 5.00ಲಕ್ಷ 77) ಇಂಡೆಂಟ್ ನಂ: 41087 ರೂ. 48.50ಲಕ್ಷ 78) ಇಂಡೆಂಟ್ ನಂ: 41934 ರೂ. 15.00ಲಕ್ಷ 79) ಇಂಡೆಂಟ್ ನಂ: 40397 ರೂ. 10.00ಲಕ್ಷ 80) ಇಂಡೆಂಟ್ ನಂ: 41456 ರೂ. 15.00ಲಕ್ಷ
ಹೆಚ್ಚಿನ ಮಾಹಿತಿಗಾಗಿ ಕಾರ್ಯನಿರ್ವಾಹಕ ಅಭಿಯಂತರರು (ಉತ್ತರ) ಇವರ ಕಚೇರಿಯನ್ನು ಕಚೇರಿ ವೇಳೆಯಲ್ಲಿ ಸಂಪರ್ಕಿಸಬಹುದು. ದೂರವಾಣಿ ಸಂಖ್ಯೆ ಕೆಳಗಿನಂತಿದೆ.
0836-2213834
1. ಟೆಂಡರ್ ದಾಖಲೆ ಡೌನ್‌ಲೋಡ್ ಪ್ರಾರಂಭ	ದಿನಾಂಕ: 04-08-2025
2. ಬಿಡ್ ಸಲ್ಲಿಸಲು ಕೊನೆಯ ದಿನ	ದಿನಾಂಕ: 13-08-2025
3. ತಾಂತ್ರಿಕ ಬಿಡ್ ತೆರೆಯುವ ದಿನ	ದಿನಾಂಕ: 14-08-2025
4. ಟೆಂಡರ್ ದಾಖಲೆ ಡೌನ್‌ಲೋಡ್ ಪ್ರಾರಂಭ	ದಿನಾಂಕ: 16-08-2025
5. ಬಿಡ್ ಸಲ್ಲಿಸಲು ಕೊನೆಯ ದಿನ	ದಿನಾಂಕ: 19-08-2025
6. ತಾಂತ್ರಿಕ ಬಿಡ್ ತೆರೆಯುವ ದಿನ	ದಿನಾಂಕ: 20-08-2025
ಸಹಿ/- ಕಾರ್ಯನಿರ್ವಾಹಕ ಅಭಿಯಂತರರು (ಉತ್ತರ), ಹುಬ್ಬಳ್ಳಿ-ಧಾರವಾಡ ಮಹಾನಗರ ಪಾಲಿಕೆ
ಸ್ಥಳ : ಬೆಂಗಳೂರು	ದಿನಾಂಕ : ಆಗಸ್ಟ್ 01, 2025
